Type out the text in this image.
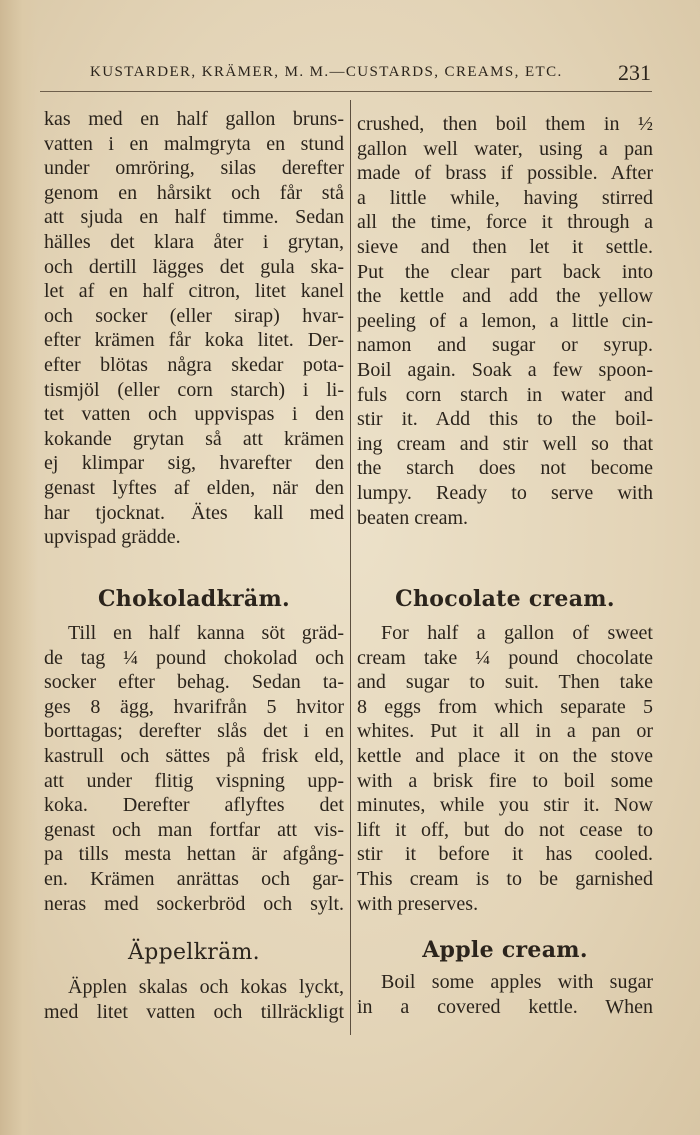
KUSTARDER, KRÄMER, M. M.—CUSTARDS, CREAMS, ETC.	231
kas med en half gallon bruns-
vatten i en malmgryta en stund
under omröring, silas derefter
genom en hårsikt och får stå
att sjuda en half timme. Sedan
hälles det klara åter i grytan,
och dertill lägges det gula ska-
let af en half citron, litet kanel
och socker (eller sirap) hvar-
efter krämen får koka litet. Der-
efter blötas några skedar pota-
tismjöl (eller corn starch) i li-
tet vatten och uppvispas i den
kokande grytan så att krämen
ej klimpar sig, hvarefter den
genast lyftes af elden, när den
har tjocknat. Ätes kall med
upvispad grädde.
Chokoladkräm.
Till en half kanna söt gräd-
de tag ¼ pound chokolad och
socker efter behag. Sedan ta-
ges 8 ägg, hvarifrån 5 hvitor
borttagas; derefter slås det i en
kastrull och sättes på frisk eld,
att under flitig vispning upp-
koka. Derefter aflyftes det
genast och man fortfar att vis-
pa tills mesta hettan är afgång-
en. Krämen anrättas och gar-
neras med sockerbröd och sylt.
Äppelkräm.
Äpplen skalas och kokas lyckt,
med litet vatten och tillräckligt
crushed, then boil them in ½
gallon well water, using a pan
made of brass if possible. After
a little while, having stirred
all the time, force it through a
sieve and then let it settle.
Put the clear part back into
the kettle and add the yellow
peeling of a lemon, a little cin-
namon and sugar or syrup.
Boil again. Soak a few spoon-
fuls corn starch in water and
stir it. Add this to the boil-
ing cream and stir well so that
the starch does not become
lumpy. Ready to serve with
beaten cream.
Chocolate cream.
For half a gallon of sweet
cream take ¼ pound chocolate
and sugar to suit. Then take
8 eggs from which separate 5
whites. Put it all in a pan or
kettle and place it on the stove
with a brisk fire to boil some
minutes, while you stir it. Now
lift it off, but do not cease to
stir it before it has cooled.
This cream is to be garnished
with preserves.
Apple cream.
Boil some apples with sugar
in a covered kettle. When
